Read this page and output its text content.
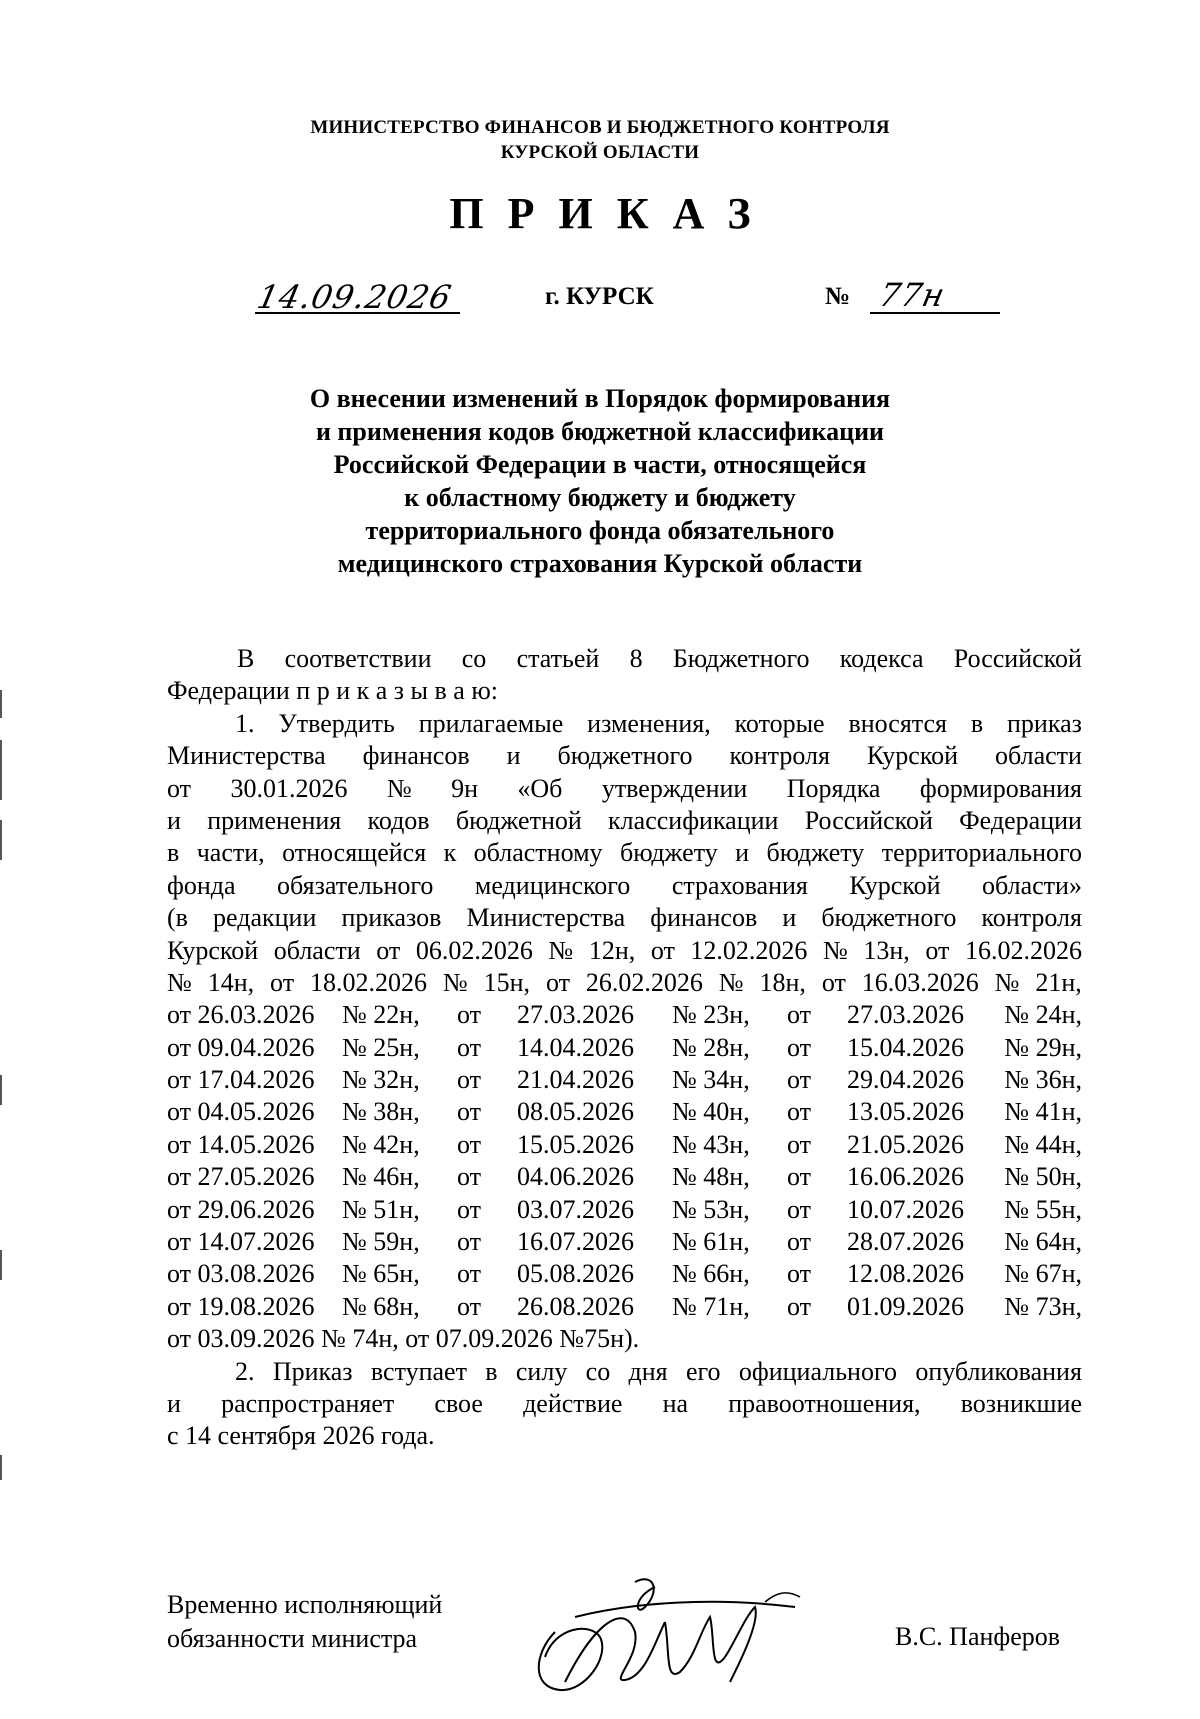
МИНИСТЕРСТВО ФИНАНСОВ И БЮДЖЕТНОГО КОНТРОЛЯ
КУРСКОЙ ОБЛАСТИ
ПРИКАЗ
14.09.2026	г. КУРСК	№ 77н
О внесении изменений в Порядок формирования
и применения кодов бюджетной классификации
Российской Федерации в части, относящейся
к областному бюджету и бюджету
территориального фонда обязательного
медицинского страхования Курской области
В соответствии со статьей 8 Бюджетного кодекса Российской
Федерации п р и к а з ы в а ю:
1. Утвердить прилагаемые изменения, которые вносятся в приказ
Министерства финансов и бюджетного контроля Курской области
от 30.01.2026 № 9н «Об утверждении Порядка формирования
и применения кодов бюджетной классификации Российской Федерации
в части, относящейся к областному бюджету и бюджету территориального
фонда обязательного медицинского страхования Курской области»
(в редакции приказов Министерства финансов и бюджетного контроля
Курской области от 06.02.2026 № 12н, от 12.02.2026 № 13н, от 16.02.2026
№ 14н, от 18.02.2026 № 15н, от 26.02.2026 № 18н, от 16.03.2026 № 21н,
от 26.03.2026	№ 22н,	от	27.03.2026	№ 23н,	от	27.03.2026	№ 24н,
от 09.04.2026	№ 25н,	от	14.04.2026	№ 28н,	от	15.04.2026	№ 29н,
от 17.04.2026	№ 32н,	от	21.04.2026	№ 34н,	от	29.04.2026	№ 36н,
от 04.05.2026	№ 38н,	от	08.05.2026	№ 40н,	от	13.05.2026	№ 41н,
от 14.05.2026	№ 42н,	от	15.05.2026	№ 43н,	от	21.05.2026	№ 44н,
от 27.05.2026	№ 46н,	от	04.06.2026	№ 48н,	от	16.06.2026	№ 50н,
от 29.06.2026	№ 51н,	от	03.07.2026	№ 53н,	от	10.07.2026	№ 55н,
от 14.07.2026	№ 59н,	от	16.07.2026	№ 61н,	от	28.07.2026	№ 64н,
от 03.08.2026	№ 65н,	от	05.08.2026	№ 66н,	от	12.08.2026	№ 67н,
от 19.08.2026	№ 68н,	от	26.08.2026	№ 71н,	от	01.09.2026	№ 73н,
от 03.09.2026 № 74н, от 07.09.2026 №75н).
2. Приказ вступает в силу со дня его официального опубликования
и распространяет свое действие на правоотношения, возникшие
с 14 сентября 2026 года.
Временно исполняющий
обязанности министра	В.С. Панферов
